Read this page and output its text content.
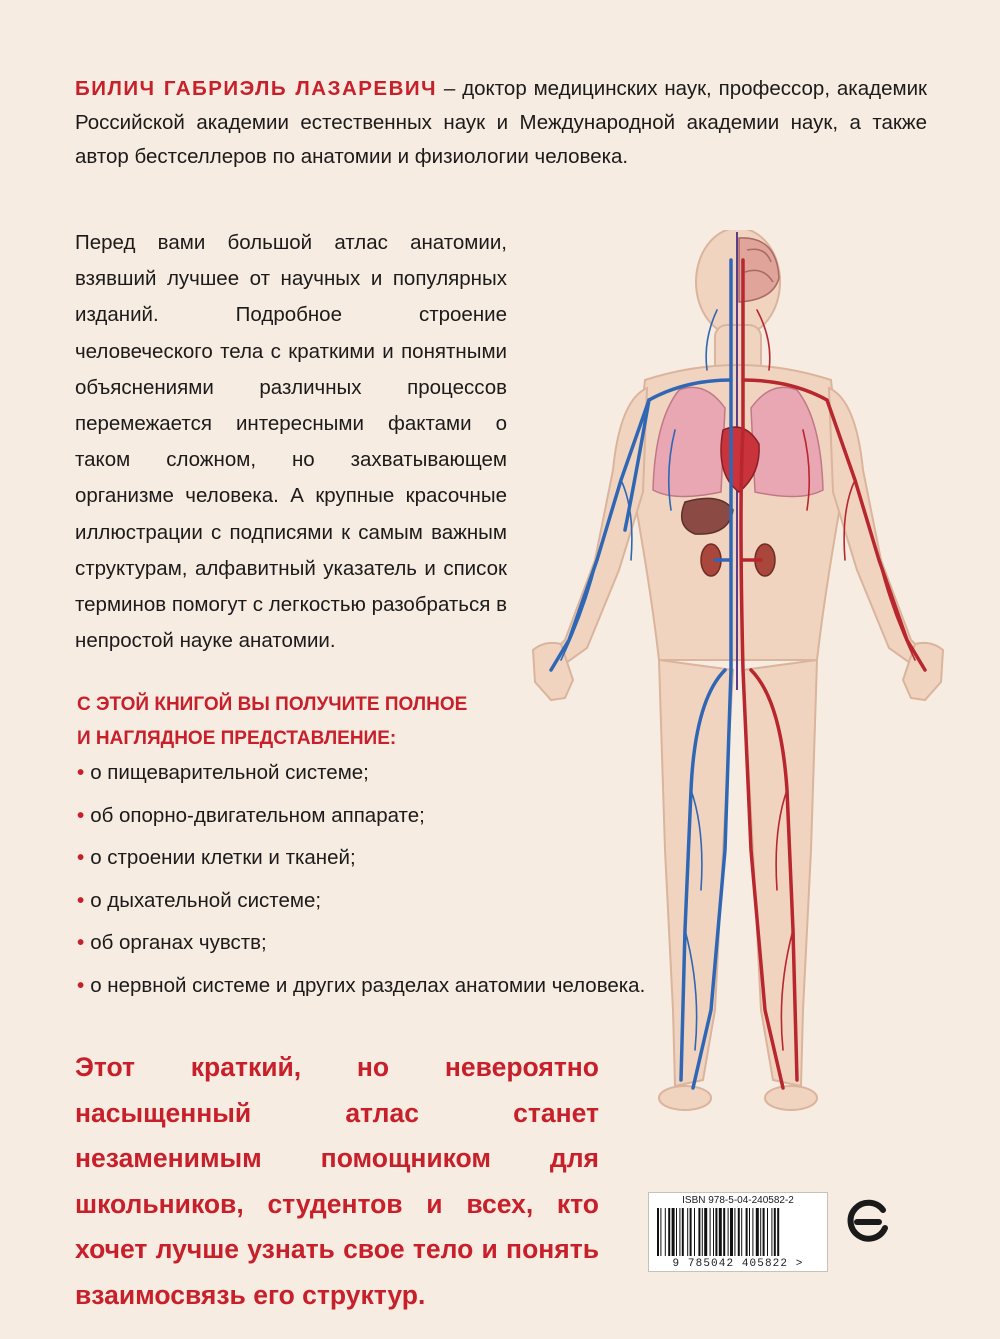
БИЛИЧ ГАБРИЭЛЬ ЛАЗАРЕВИЧ – доктор медицинских наук, профессор, академик Российской академии естественных наук и Международной академии наук, а также автор бестселлеров по анатомии и физиологии человека.

Перед вами большой атлас анатомии, взявший лучшее от научных и популярных изданий. Подробное строение человеческого тела с краткими и понятными объяснениями различных процессов перемежается интересными фактами о таком сложном, но захватывающем организме человека. А крупные красочные иллюстрации с подписями к самым важным структурам, алфавитный указатель и список терминов помогут с легкостью разобраться в непростой науке анатомии.

С ЭТОЙ КНИГОЙ ВЫ ПОЛУЧИТЕ ПОЛНОЕ
И НАГЛЯДНОЕ ПРЕДСТАВЛЕНИЕ:
• о пищеварительной системе;
• об опорно-двигательном аппарате;
• о строении клетки и тканей;
• о дыхательной системе;
• об органах чувств;
• о нервной системе и других разделах анатомии человека.

Этот краткий, но невероятно насыщенный атлас станет незаменимым помощником для школьников, студентов и всех, кто хочет лучше узнать свое тело и понять взаимосвязь его структур.

ISBN 978-5-04-240582-2
9 785042 405822 >
